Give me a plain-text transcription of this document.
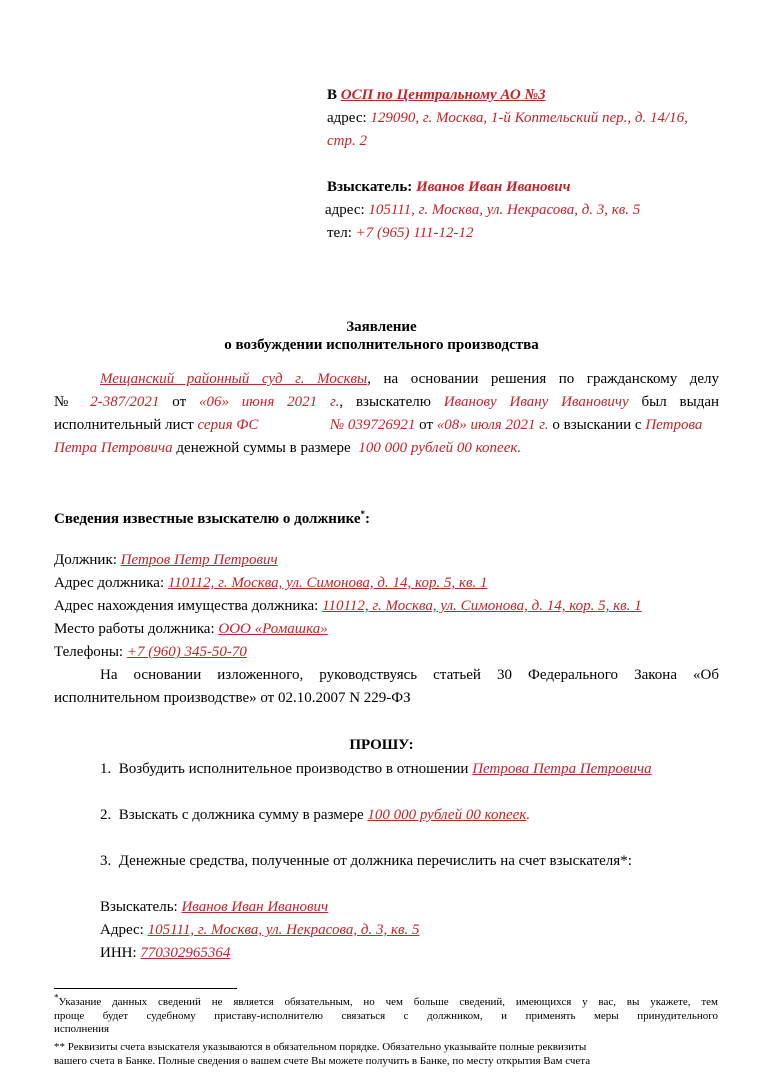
В ОСП по Центральному АО №3
адрес: 129090, г. Москва, 1-й Коптельский пер., д. 14/16,
стр. 2
Взыскатель: Иванов Иван Иванович
адрес: 105111, г. Москва, ул. Некрасова, д. 3, кв. 5
тел: +7 (965) 111-12-12
Заявление
о возбуждении исполнительного производства
Мещанский районный суд г. Москвы, на основании решения по гражданскому делу
№ 2-387/2021 от «06» июня 2021 г., взыскателю Иванову Ивану Ивановичу был выдан
исполнительный лист серия ФС	№ 039726921 от «08» июля 2021 г. о взыскании с Петрова
Петра Петровича денежной суммы в размере 100 000 рублей 00 копеек.
Сведения известные взыскателю о должнике*:
Должник: Петров Петр Петрович
Адрес должника: 110112, г. Москва, ул. Симонова, д. 14, кор. 5, кв. 1
Адрес нахождения имущества должника: 110112, г. Москва, ул. Симонова, д. 14, кор. 5, кв. 1
Место работы должника: ООО «Ромашка»
Телефоны: +7 (960) 345-50-70
На основании изложенного, руководствуясь статьей 30 Федерального Закона «Об
исполнительном производстве» от 02.10.2007 N 229-ФЗ
ПРОШУ:
1. Возбудить исполнительное производство в отношении Петрова Петра Петровича
2. Взыскать с должника сумму в размере 100 000 рублей 00 копеек.
3. Денежные средства, полученные от должника перечислить на счет взыскателя*:
Взыскатель: Иванов Иван Иванович
Адрес: 105111, г. Москва, ул. Некрасова, д. 3, кв. 5
ИНН: 770302965364
*Указание данных сведений не является обязательным, но чем больше сведений, имеющихся у вас, вы укажете, тем
проще будет судебному приставу-исполнителю связаться с должником, и применять меры принудительного
исполнения
** Реквизиты счета взыскателя указываются в обязательном порядке. Обязательно указывайте полные реквизиты
вашего счета в Банке. Полные сведения о вашем счете Вы можете получить в Банке, по месту открытия Вам счета
